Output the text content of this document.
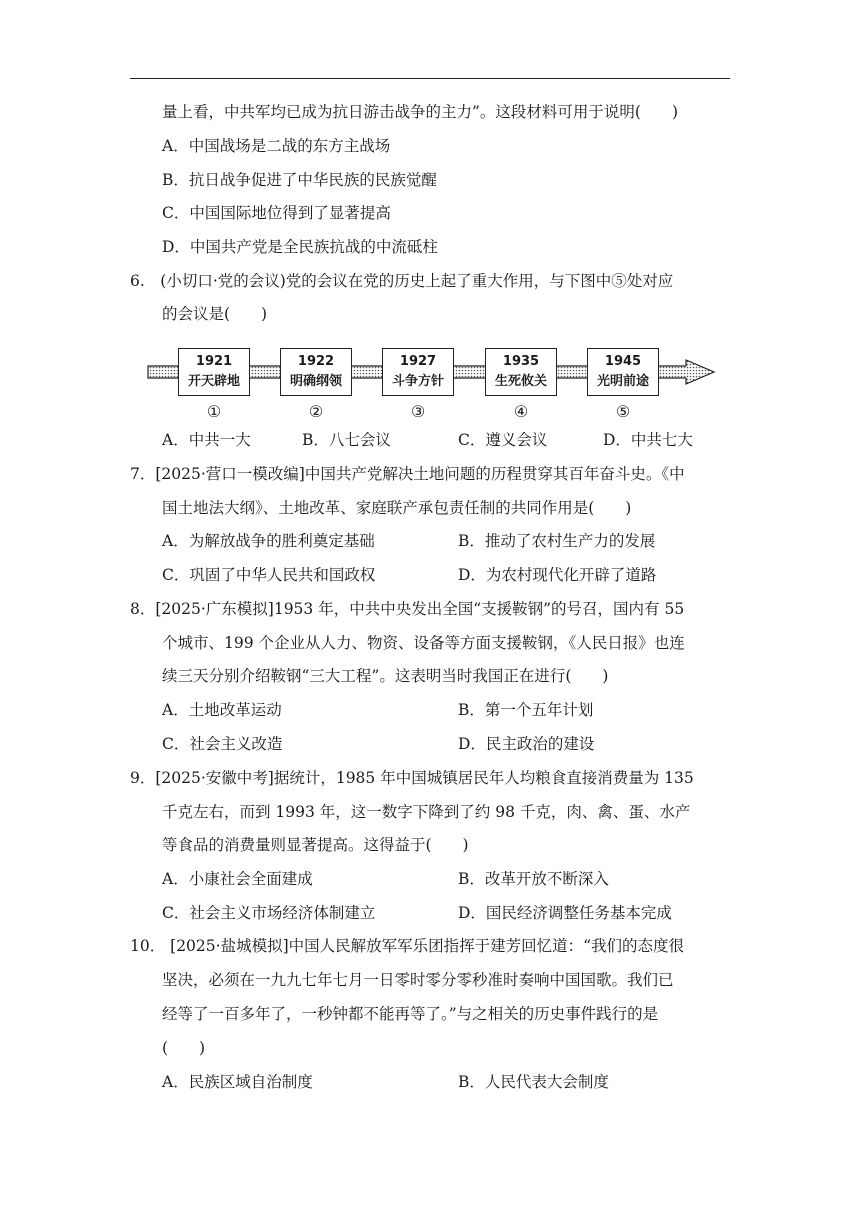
量上看，中共军均已成为抗日游击战争的主力”。这段材料可用于说明(　　)
A．中国战场是二战的东方主战场
B．抗日战争促进了中华民族的民族觉醒
C．中国国际地位得到了显著提高
D．中国共产党是全民族抗战的中流砥柱
6.　(小切口·党的会议)党的会议在党的历史上起了重大作用，与下图中⑤处对应
的会议是(　　)
A．中共一大	B．八七会议	C．遵义会议	D．中共七大
7．[2025·营口一模改编]中国共产党解决土地问题的历程贯穿其百年奋斗史。《中
国土地法大纲》、土地改革、家庭联产承包责任制的共同作用是(　　)
A．为解放战争的胜利奠定基础	B．推动了农村生产力的发展
C．巩固了中华人民共和国政权	D．为农村现代化开辟了道路
8．[2025·广东模拟]1953 年，中共中央发出全国“支援鞍钢”的号召，国内有 55
个城市、199 个企业从人力、物资、设备等方面支援鞍钢，《人民日报》也连
续三天分别介绍鞍钢“三大工程”。这表明当时我国正在进行(　　)
A．土地改革运动	B．第一个五年计划
C．社会主义改造	D．民主政治的建设
9．[2025·安徽中考]据统计，1985 年中国城镇居民年人均粮食直接消费量为 135
千克左右，而到 1993 年，这一数字下降到了约 98 千克，肉、禽、蛋、水产
等食品的消费量则显著提高。这得益于(　　)
A．小康社会全面建成	B．改革开放不断深入
C．社会主义市场经济体制建立	D．国民经济调整任务基本完成
10． [2025·盐城模拟]中国人民解放军军乐团指挥于建芳回忆道：“我们的态度很
坚决，必须在一九九七年七月一日零时零分零秒准时奏响中国国歌。我们已
经等了一百多年了，一秒钟都不能再等了。”与之相关的历史事件践行的是
(　　)
A．民族区域自治制度	B．人民代表大会制度
1921
开天辟地
①
1922
明确纲领
②
1927
斗争方针
③
1935
生死攸关
④
1945
光明前途
⑤
